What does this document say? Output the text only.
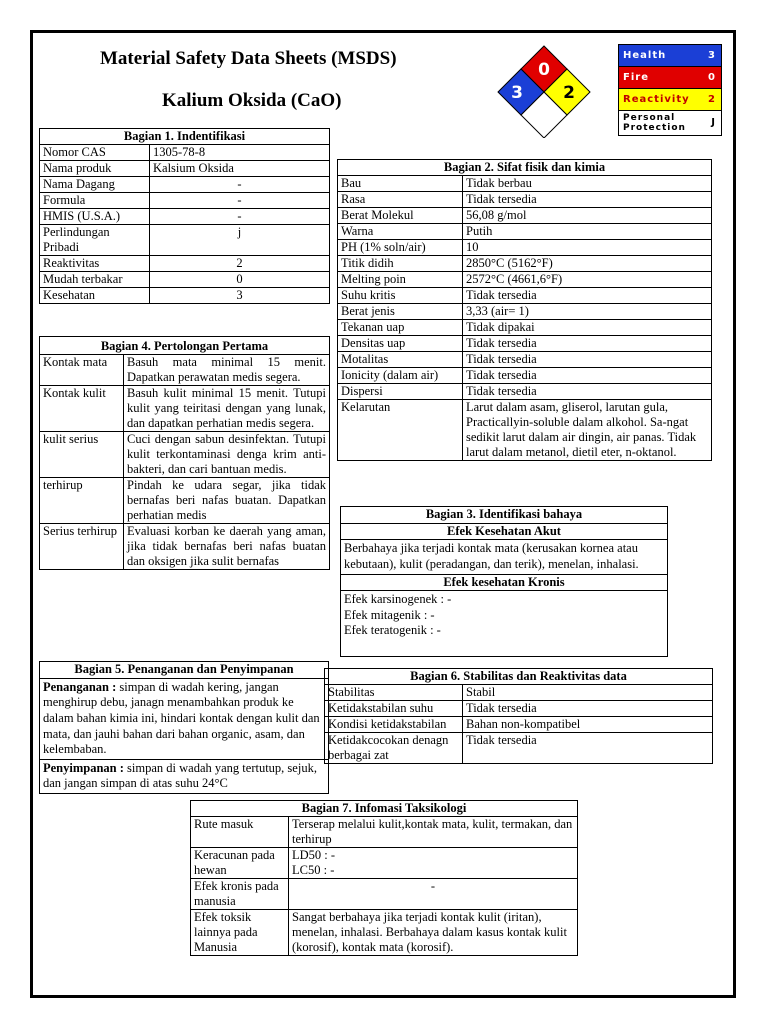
Material Safety Data Sheets (MSDS)
Kalium Oksida (CaO)
0
3 2
Health	3
Fire	0
Reactivity 2
Personal
Protection	J
Bagian 1. Indentifikasi	
Nomor CAS	1305-78-8
Nama produk	Kalsium Oksida
Nama Dagang	-
Formula	-
HMIS (U.S.A.)	-
Perlindungan Pribadi	j
Reaktivitas	2
Mudah terbakar	0
Kesehatan	3
Bagian 2. Sifat fisik dan kimia	
Bau	Tidak berbau
Rasa	Tidak tersedia
Berat Molekul	56,08 g/mol
Warna	Putih
PH (1% soln/air)	10
Titik didih	2850°C (5162°F)
Melting poin	2572°C (4661,6°F)
Suhu kritis	Tidak tersedia
Berat jenis	3,33 (air= 1)
Tekanan uap	Tidak dipakai
Densitas uap	Tidak tersedia
Motalitas	Tidak tersedia
Ionicity (dalam air)	Tidak tersedia
Dispersi	Tidak tersedia
Kelarutan	Larut dalam asam, gliserol, larutan gula, Practicallyin-soluble dalam alkohol. Sa-ngat sedikit larut dalam air dingin, air panas. Tidak larut dalam metanol, dietil eter, n-oktanol.
Bagian 4. Pertolongan Pertama	
Kontak mata	Basuh mata minimal 15 menit. Dapatkan perawatan medis segera.
Kontak kulit	Basuh kulit minimal 15 menit. Tutupi kulit yang teiritasi dengan yang lunak, dan dapatkan perhatian medis segera.
kulit serius	Cuci dengan sabun desinfektan. Tutupi kulit terkontaminasi denga krim anti-bakteri, dan cari bantuan medis.
terhirup	Pindah ke udara segar, jika tidak bernafas beri nafas buatan. Dapatkan perhatian medis
Serius terhirup	Evaluasi korban ke daerah yang aman, jika tidak bernafas beri nafas buatan dan oksigen jika sulit bernafas
Bagian 3. Identifikasi bahaya
Efek Kesehatan Akut
Berbahaya jika terjadi kontak mata (kerusakan kornea atau kebutaan), kulit (peradangan, dan terik), menelan, inhalasi.
Efek kesehatan Kronis
Efek karsinogenek : -
Efek mitagenik : -
Efek teratogenik : -
Bagian 5. Penanganan dan Penyimpanan
Penanganan : simpan di wadah kering, jangan menghirup debu, janagn menambahkan produk ke dalam bahan kimia ini, hindari kontak dengan kulit dan mata, dan jauhi bahan dari bahan organic, asam, dan kelembaban.
Penyimpanan : simpan di wadah yang tertutup, sejuk, dan jangan simpan di atas suhu 24°C
Bagian 6. Stabilitas dan Reaktivitas data	
Stabilitas	Stabil
Ketidakstabilan suhu	Tidak tersedia
Kondisi ketidakstabilan	Bahan non-kompatibel
Ketidakcocokan denagn berbagai zat	Tidak tersedia
Bagian 7. Infomasi Taksikologi	
Rute masuk	Terserap melalui kulit,kontak mata, kulit, termakan, dan terhirup
Keracunan pada hewan	LD50 : -
LC50 : -
Efek kronis pada manusia	-
Efek toksik lainnya pada Manusia	Sangat berbahaya jika terjadi kontak kulit (iritan), menelan, inhalasi. Berbahaya dalam kasus kontak kulit (korosif), kontak mata (korosif).
